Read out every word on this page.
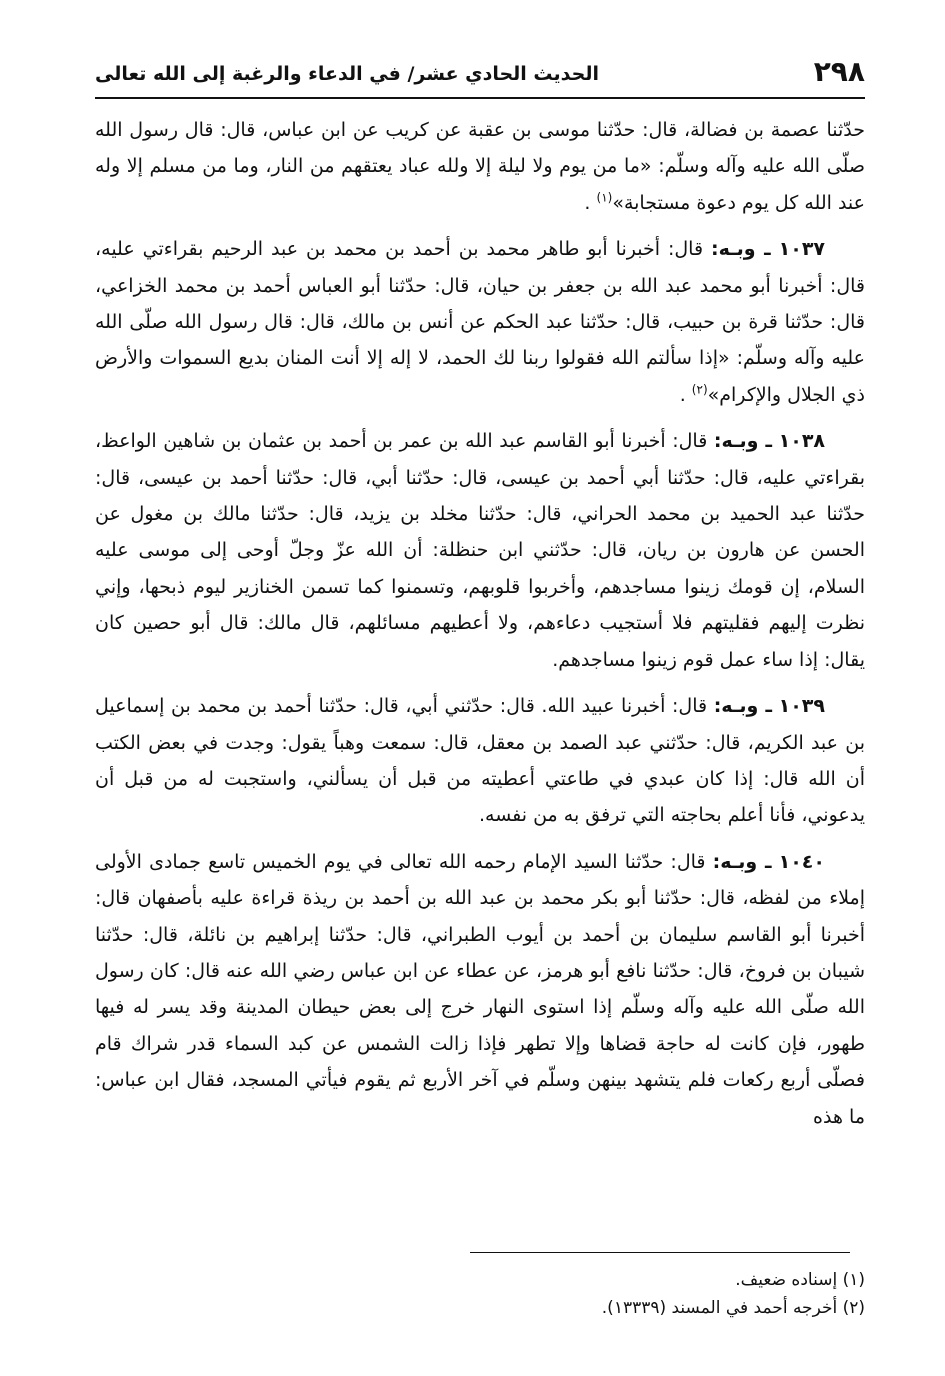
٢٩٨
الحديث الحادي عشر/ في الدعاء والرغبة إلى الله تعالى

حدّثنا عصمة بن فضالة، قال: حدّثنا موسى بن عقبة عن كريب عن ابن عباس، قال: قال رسول الله صلّى الله عليه وآله وسلّم: «ما من يوم ولا ليلة إلا ولله عباد يعتقهم من النار، وما من مسلم إلا وله عند الله كل يوم دعوة مستجابة»$^{(١)}$ .

١٠٣٧ ـ وبـه: قال: أخبرنا أبو طاهر محمد بن أحمد بن محمد بن عبد الرحيم بقراءتي عليه، قال: أخبرنا أبو محمد عبد الله بن جعفر بن حيان، قال: حدّثنا أبو العباس أحمد بن محمد الخزاعي، قال: حدّثنا قرة بن حبيب، قال: حدّثنا عبد الحكم عن أنس بن مالك، قال: قال رسول الله صلّى الله عليه وآله وسلّم: «إذا سألتم الله فقولوا ربنا لك الحمد، لا إله إلا أنت المنان بديع السموات والأرض ذي الجلال والإكرام»$^{(٢)}$ .

١٠٣٨ ـ وبـه: قال: أخبرنا أبو القاسم عبد الله بن عمر بن أحمد بن عثمان بن شاهين الواعظ، بقراءتي عليه، قال: حدّثنا أبي أحمد بن عيسى، قال: حدّثنا أبي، قال: حدّثنا أحمد بن عيسى، قال: حدّثنا عبد الحميد بن محمد الحراني، قال: حدّثنا مخلد بن يزيد، قال: حدّثنا مالك بن مغول عن الحسن عن هارون بن ريان، قال: حدّثني ابن حنظلة: أن الله عزّ وجلّ أوحى إلى موسى عليه السلام، إن قومك زينوا مساجدهم، وأخربوا قلوبهم، وتسمنوا كما تسمن الخنازير ليوم ذبحها، وإني نظرت إليهم فقليتهم فلا أستجيب دعاءهم، ولا أعطيهم مسائلهم، قال مالك: قال أبو حصين كان يقال: إذا ساء عمل قوم زينوا مساجدهم.

١٠٣٩ ـ وبـه: قال: أخبرنا عبيد الله. قال: حدّثني أبي، قال: حدّثنا أحمد بن محمد بن إسماعيل بن عبد الكريم، قال: حدّثني عبد الصمد بن معقل، قال: سمعت وهباً يقول: وجدت في بعض الكتب أن الله قال: إذا كان عبدي في طاعتي أعطيته من قبل أن يسألني، واستجبت له من قبل أن يدعوني، فأنا أعلم بحاجته التي ترفق به من نفسه.

١٠٤٠ ـ وبـه: قال: حدّثنا السيد الإمام رحمه الله تعالى في يوم الخميس تاسع جمادى الأولى إملاء من لفظه، قال: حدّثنا أبو بكر محمد بن عبد الله بن أحمد بن ريذة قراءة عليه بأصفهان قال: أخبرنا أبو القاسم سليمان بن أحمد بن أيوب الطبراني، قال: حدّثنا إبراهيم بن نائلة، قال: حدّثنا شيبان بن فروخ، قال: حدّثنا نافع أبو هرمز، عن عطاء عن ابن عباس رضي الله عنه قال: كان رسول الله صلّى الله عليه وآله وسلّم إذا استوى النهار خرج إلى بعض حيطان المدينة وقد يسر له فيها طهور، فإن كانت له حاجة قضاها وإلا تطهر فإذا زالت الشمس عن كبد السماء قدر شراك قام فصلّى أربع ركعات فلم يتشهد بينهن وسلّم في آخر الأربع ثم يقوم فيأتي المسجد، فقال ابن عباس: ما هذه

(١) إسناده ضعيف.

(٢) أخرجه أحمد في المسند (١٣٣٣٩).
